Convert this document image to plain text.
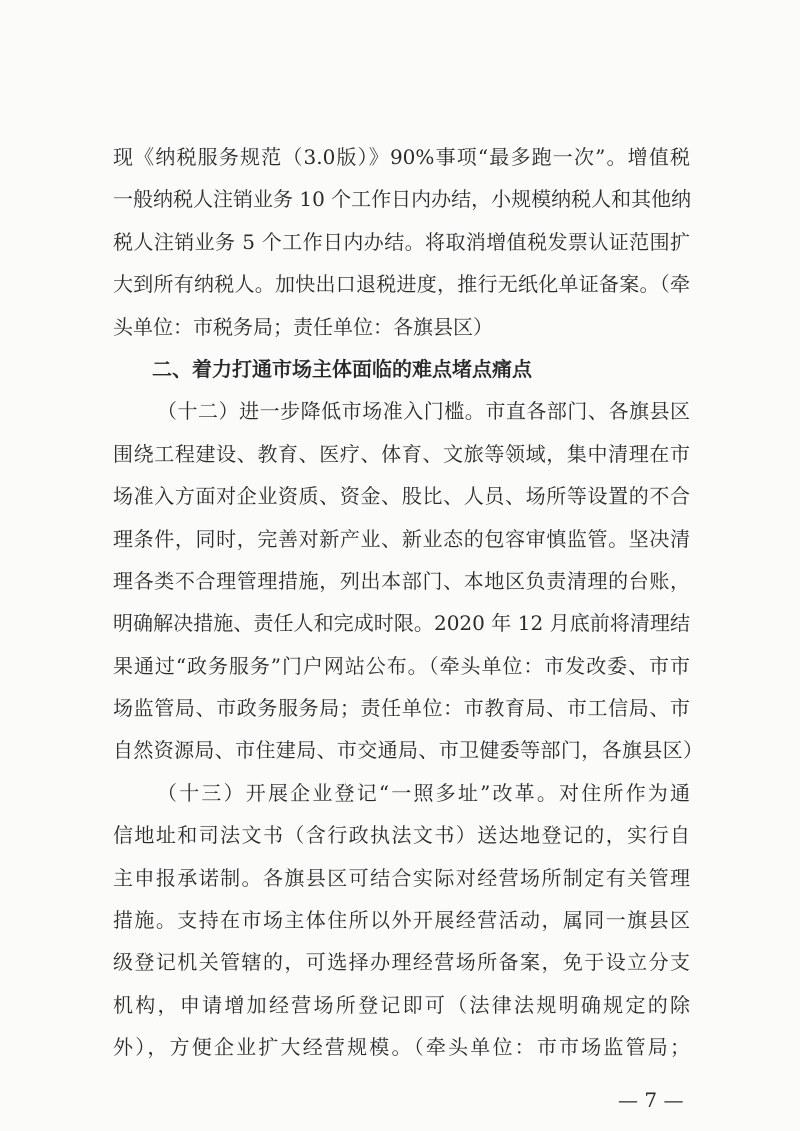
现《纳税服务规范（3.0版）》90%事项“最多跑一次”。增值税
一般纳税人注销业务 10 个工作日内办结，小规模纳税人和其他纳
税人注销业务 5 个工作日内办结。将取消增值税发票认证范围扩
大到所有纳税人。加快出口退税进度，推行无纸化单证备案。（牵
头单位：市税务局；责任单位：各旗县区）
二、着力打通市场主体面临的难点堵点痛点
（十二）进一步降低市场准入门槛。市直各部门、各旗县区
围绕工程建设、教育、医疗、体育、文旅等领域，集中清理在市
场准入方面对企业资质、资金、股比、人员、场所等设置的不合
理条件，同时，完善对新产业、新业态的包容审慎监管。坚决清
理各类不合理管理措施，列出本部门、本地区负责清理的台账，
明确解决措施、责任人和完成时限。2020 年 12 月底前将清理结
果通过“政务服务”门户网站公布。（牵头单位：市发改委、市市
场监管局、市政务服务局；责任单位：市教育局、市工信局、市
自然资源局、市住建局、市交通局、市卫健委等部门，各旗县区）
（十三）开展企业登记“一照多址”改革。对住所作为通
信地址和司法文书（含行政执法文书）送达地登记的，实行自
主申报承诺制。各旗县区可结合实际对经营场所制定有关管理
措施。支持在市场主体住所以外开展经营活动，属同一旗县区
级登记机关管辖的，可选择办理经营场所备案，免于设立分支
机构，申请增加经营场所登记即可（法律法规明确规定的除
外），方便企业扩大经营规模。（牵头单位：市市场监管局；
— 7 —
